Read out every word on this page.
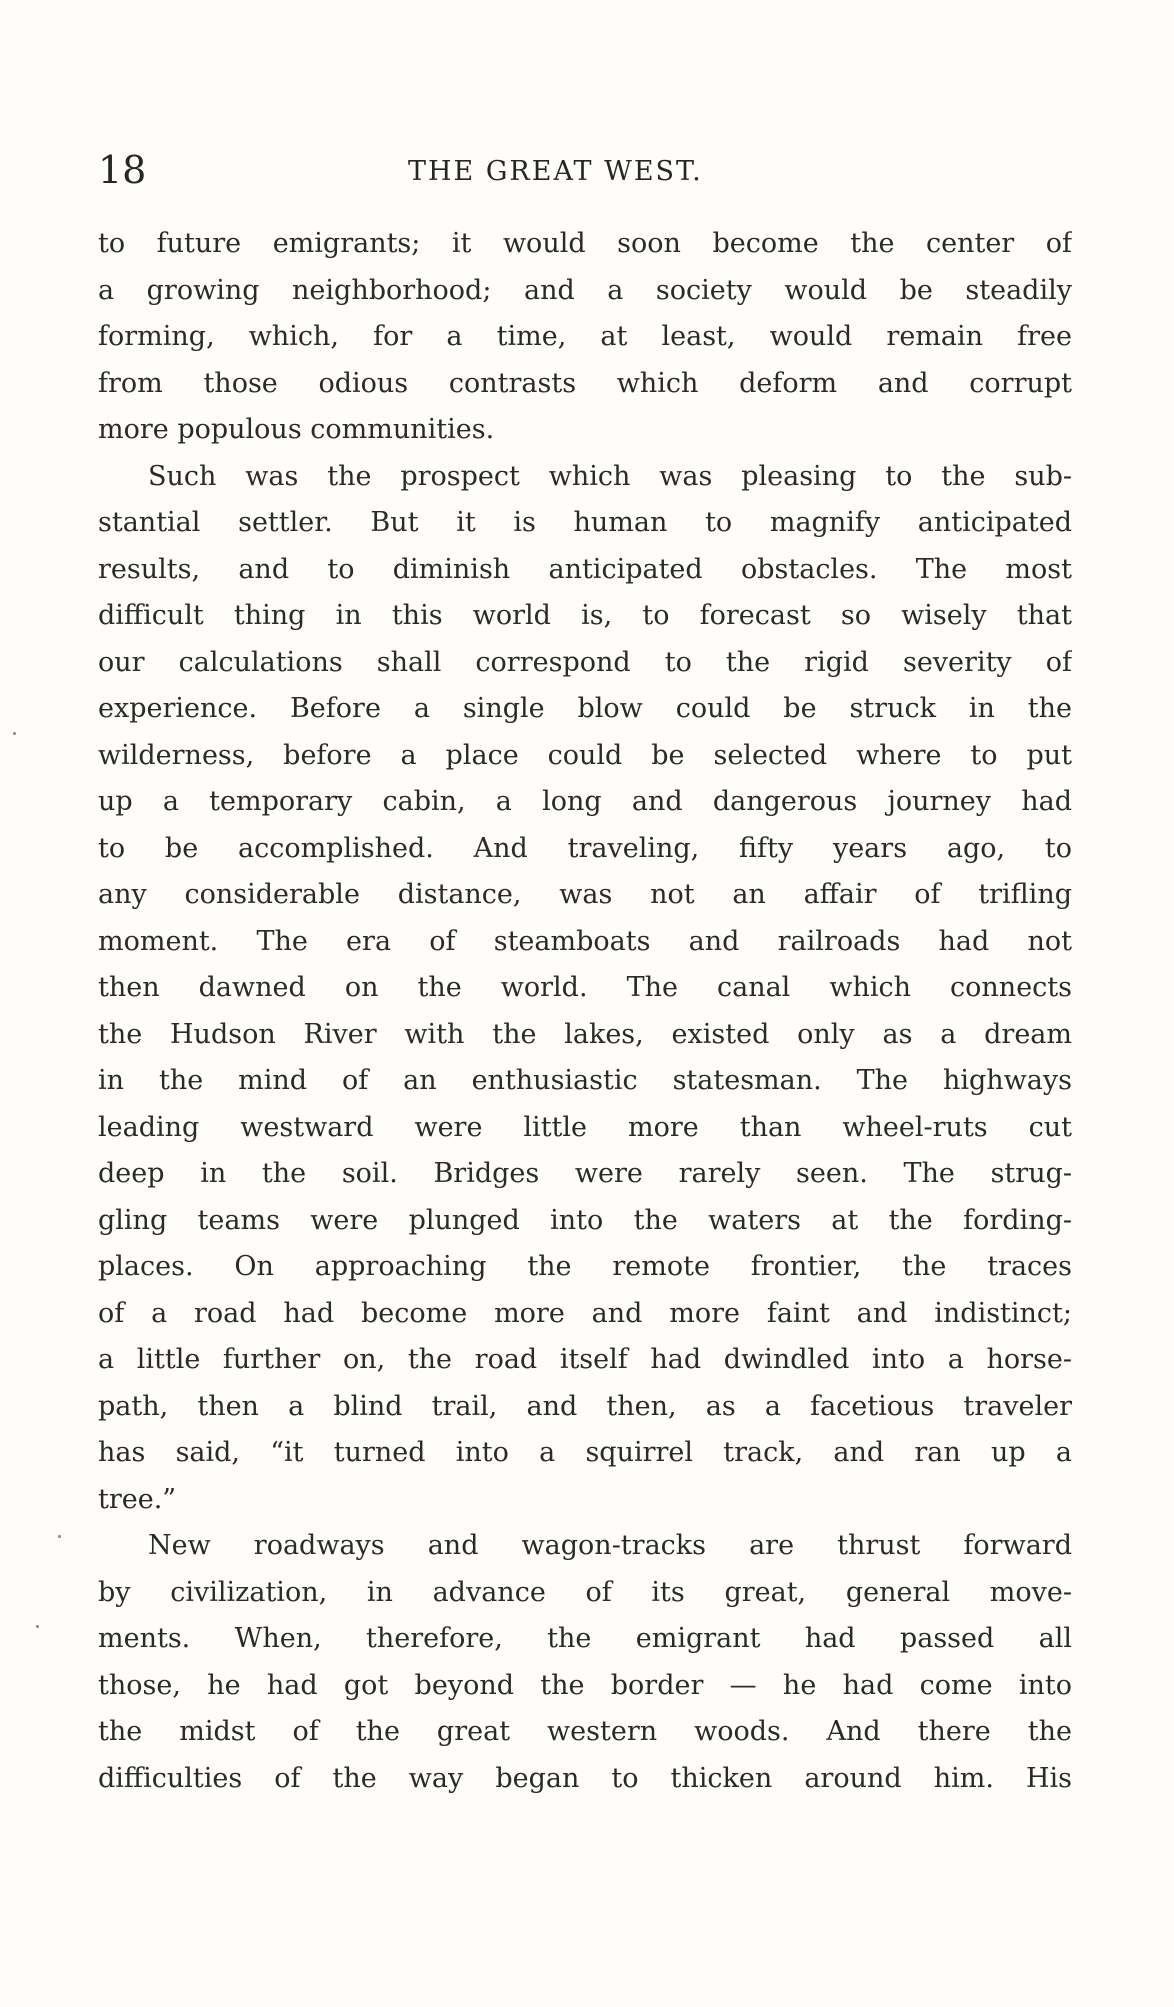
18	THE GREAT WEST.
to future emigrants; it would soon become the center of
a growing neighborhood; and a society would be steadily
forming, which, for a time, at least, would remain free
from those odious contrasts which deform and corrupt
more populous communities.
Such was the prospect which was pleasing to the sub-
stantial settler. But it is human to magnify anticipated
results, and to diminish anticipated obstacles. The most
difficult thing in this world is, to forecast so wisely that
our calculations shall correspond to the rigid severity of
experience. Before a single blow could be struck in the
wilderness, before a place could be selected where to put
up a temporary cabin, a long and dangerous journey had
to be accomplished. And traveling, fifty years ago, to
any considerable distance, was not an affair of trifling
moment. The era of steamboats and railroads had not
then dawned on the world. The canal which connects
the Hudson River with the lakes, existed only as a dream
in the mind of an enthusiastic statesman. The highways
leading westward were little more than wheel-ruts cut
deep in the soil. Bridges were rarely seen. The strug-
gling teams were plunged into the waters at the fording-
places. On approaching the remote frontier, the traces
of a road had become more and more faint and indistinct;
a little further on, the road itself had dwindled into a horse-
path, then a blind trail, and then, as a facetious traveler
has said, “it turned into a squirrel track, and ran up a
tree.”
New roadways and wagon-tracks are thrust forward
by civilization, in advance of its great, general move-
ments. When, therefore, the emigrant had passed all
those, he had got beyond the border — he had come into
the midst of the great western woods. And there the
difficulties of the way began to thicken around him. His
